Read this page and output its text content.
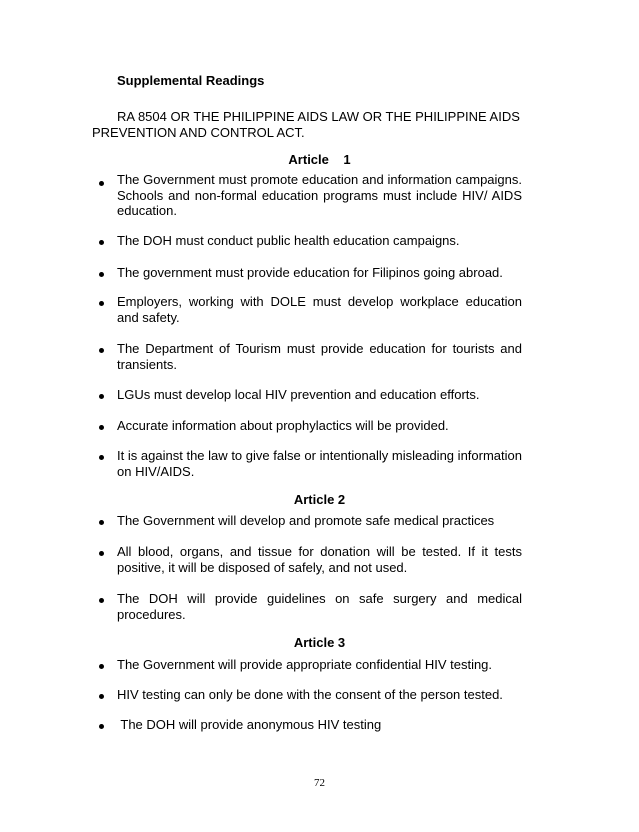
Supplemental Readings
RA 8504 OR THE PHILIPPINE AIDS LAW OR THE PHILIPPINE AIDS
PREVENTION AND CONTROL ACT.
Article    1
The Government must promote education and information campaigns. Schools and non-formal education programs must include HIV/ AIDS education.
The DOH must conduct public health education campaigns.
The government must provide education for Filipinos going abroad.
Employers, working with DOLE must develop workplace education and safety.
The Department of Tourism must provide education for tourists and transients.
LGUs must develop local HIV prevention and education efforts.
Accurate information about prophylactics will be provided.
It is against the law to give false or intentionally misleading information on HIV/AIDS.
Article 2
The Government will develop and promote safe medical practices
All blood, organs, and tissue for donation will be tested. If it tests positive, it will be disposed of safely, and not used.
The DOH will provide guidelines on safe surgery and medical procedures.
Article 3
The Government will provide appropriate confidential HIV testing.
HIV testing can only be done with the consent of the person tested.
The DOH will provide anonymous HIV testing
72
